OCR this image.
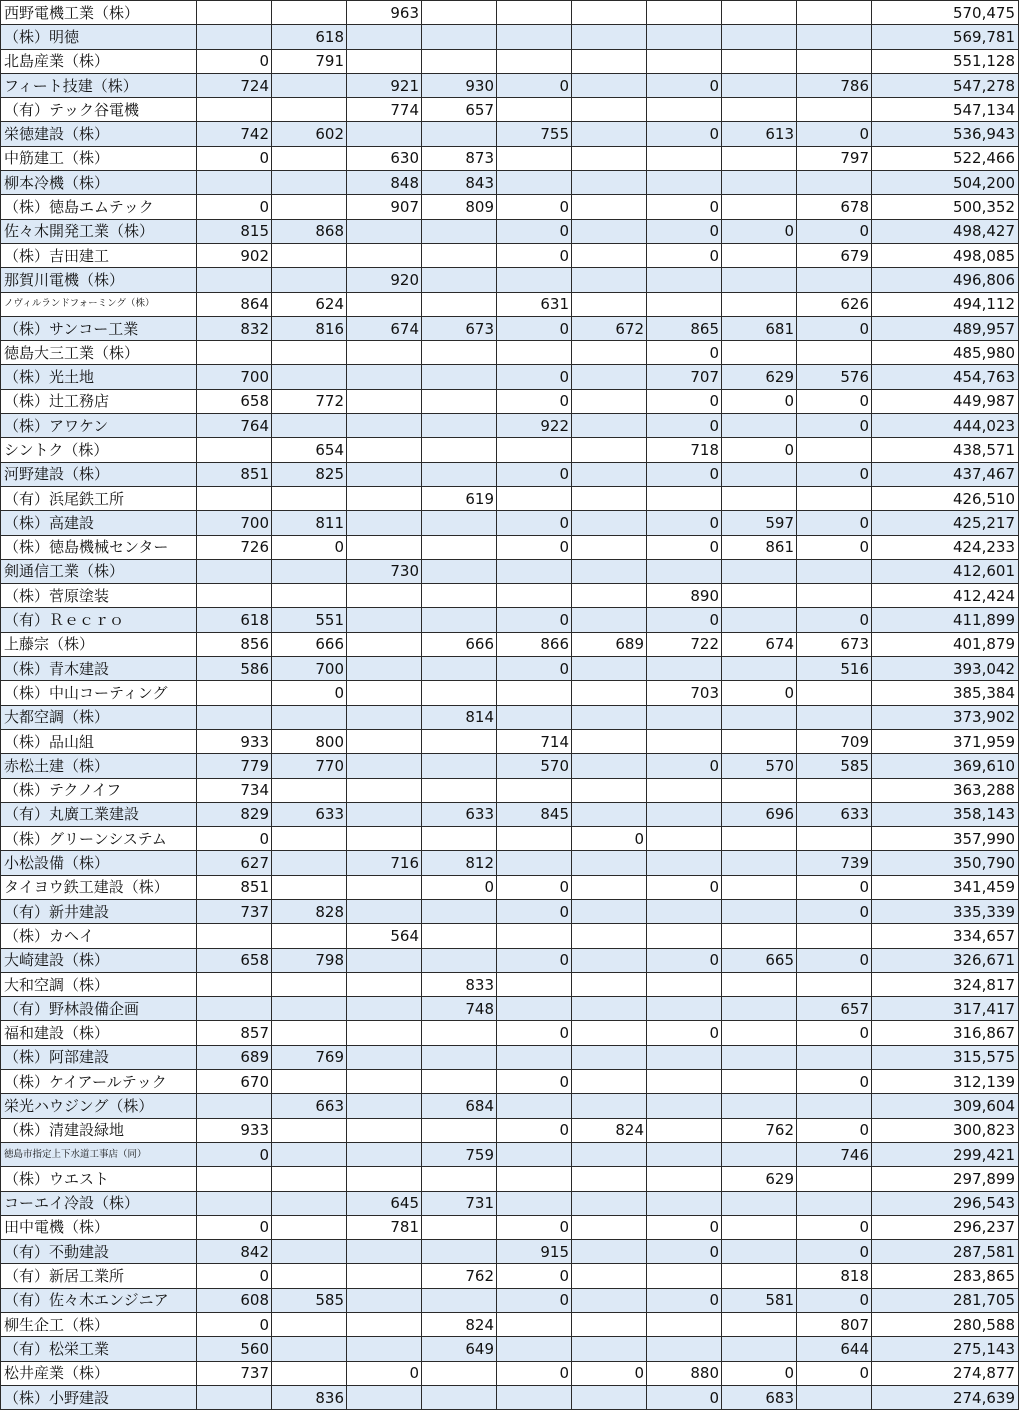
西野電機工業（株）			963							570,475
（株）明徳		618								569,781
北島産業（株）	0	791								551,128
フィート技建（株）	724		921	930	0		0		786	547,278
（有）テック谷電機			774	657						547,134
栄徳建設（株）	742	602			755		0	613	0	536,943
中筋建工（株）	0		630	873					797	522,466
柳本冷機（株）			848	843						504,200
（株）徳島エムテック	0		907	809	0		0		678	500,352
佐々木開発工業（株）	815	868			0		0	0	0	498,427
（株）吉田建工	902				0		0		679	498,085
那賀川電機（株）			920							496,806
ノヴィルランドフォーミング（株）	864	624			631				626	494,112
（株）サンコー工業	832	816	674	673	0	672	865	681	0	489,957
徳島大三工業（株）							0			485,980
（株）光土地	700				0		707	629	576	454,763
（株）辻工務店	658	772			0		0	0	0	449,987
（株）アワケン	764				922		0		0	444,023
シントク（株）		654					718	0		438,571
河野建設（株）	851	825			0		0		0	437,467
（有）浜尾鉄工所				619						426,510
（株）高建設	700	811			0		0	597	0	425,217
（株）徳島機械センター	726	0			0		0	861	0	424,233
剣通信工業（株）			730							412,601
（株）菅原塗装							890			412,424
（有）Ｒｅｃｒｏ	618	551			0		0		0	411,899
上藤宗（株）	856	666		666	866	689	722	674	673	401,879
（株）青木建設	586	700			0				516	393,042
（株）中山コーティング		0					703	0		385,384
大都空調（株）				814						373,902
（株）品山組	933	800			714				709	371,959
赤松土建（株）	779	770			570		0	570	585	369,610
（株）テクノイフ	734									363,288
（有）丸廣工業建設	829	633		633	845			696	633	358,143
（株）グリーンシステム	0					0				357,990
小松設備（株）	627		716	812					739	350,790
タイヨウ鉄工建設（株）	851			0	0		0		0	341,459
（有）新井建設	737	828			0				0	335,339
（株）カヘイ			564							334,657
大崎建設（株）	658	798			0		0	665	0	326,671
大和空調（株）				833						324,817
（有）野林設備企画				748					657	317,417
福和建設（株）	857				0		0		0	316,867
（株）阿部建設	689	769								315,575
（株）ケイアールテック	670				0				0	312,139
栄光ハウジング（株）		663		684						309,604
（株）清建設緑地	933				0	824		762	0	300,823
徳島市指定上下水道工事店（同）	0			759					746	299,421
（株）ウエスト								629		297,899
コーエイ冷設（株）			645	731						296,543
田中電機（株）	0		781		0		0		0	296,237
（有）不動建設	842				915		0		0	287,581
（有）新居工業所	0			762	0				818	283,865
（有）佐々木エンジニア	608	585			0		0	581	0	281,705
柳生企工（株）	0			824					807	280,588
（有）松栄工業	560			649					644	275,143
松井産業（株）	737		0		0	0	880	0	0	274,877
（株）小野建設		836					0	683		274,639
